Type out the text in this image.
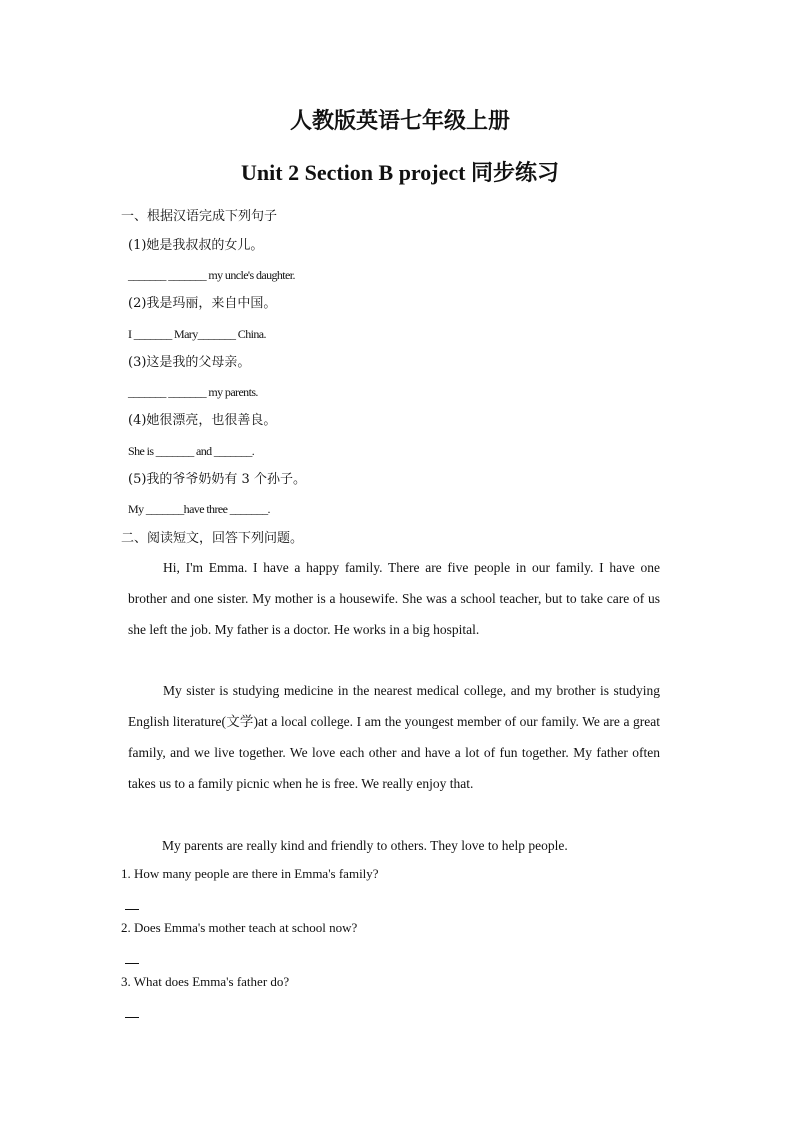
人教版英语七年级上册
Unit 2 Section B project 同步练习
一、根据汉语完成下列句子
(1)她是我叔叔的女儿。
_______ _______ my uncle's daughter.
(2)我是玛丽，来自中国。
I _______ Mary_______ China.
(3)这是我的父母亲。
_______ _______ my parents.
(4)她很漂亮，也很善良。
She is _______ and _______.
(5)我的爷爷奶奶有 3 个孙子。
My _______have three _______.
二、阅读短文，回答下列问题。
Hi, I'm Emma. I have a happy family. There are five people in our family. I have one brother and one sister. My mother is a housewife. She was a school teacher, but to take care of us she left the job. My father is a doctor. He works in a big hospital.
My sister is studying medicine in the nearest medical college, and my brother is studying English literature(文学)at a local college. I am the youngest member of our family. We are a great family, and we live together. We love each other and have a lot of fun together. My father often takes us to a family picnic when he is free. We really enjoy that.
My parents are really kind and friendly to others. They love to help people.
1. How many people are there in Emma's family?
2. Does Emma's mother teach at school now?
3. What does Emma's father do?
